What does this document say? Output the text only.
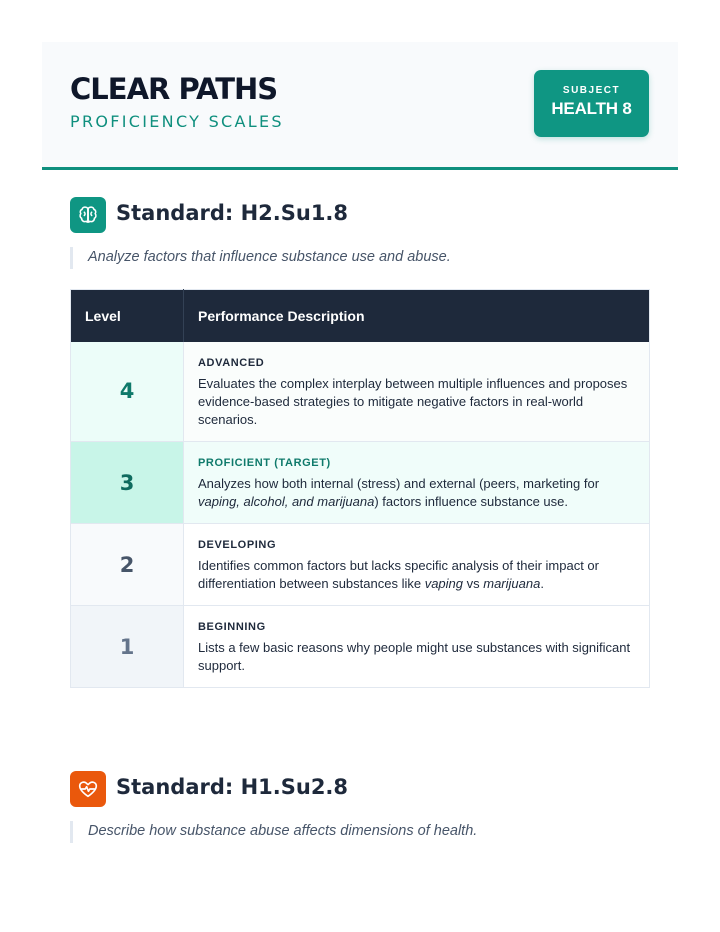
CLEAR PATHS
PROFICIENCY SCALES
SUBJECT
HEALTH 8
Standard: H2.Su1.8
Analyze factors that influence substance use and abuse.
Level	Performance Description
4	ADVANCED
Evaluates the complex interplay between multiple influences and proposes evidence-based strategies to mitigate negative factors in real-world scenarios.

3	PROFICIENT (TARGET)
Analyzes how both internal (stress) and external (peers, marketing for vaping, alcohol, and marijuana) factors influence substance use.

2	DEVELOPING
Identifies common factors but lacks specific analysis of their impact or differentiation between substances like vaping vs marijuana.

1	BEGINNING
Lists a few basic reasons why people might use substances with significant support.
Standard: H1.Su2.8
Describe how substance abuse affects dimensions of health.
